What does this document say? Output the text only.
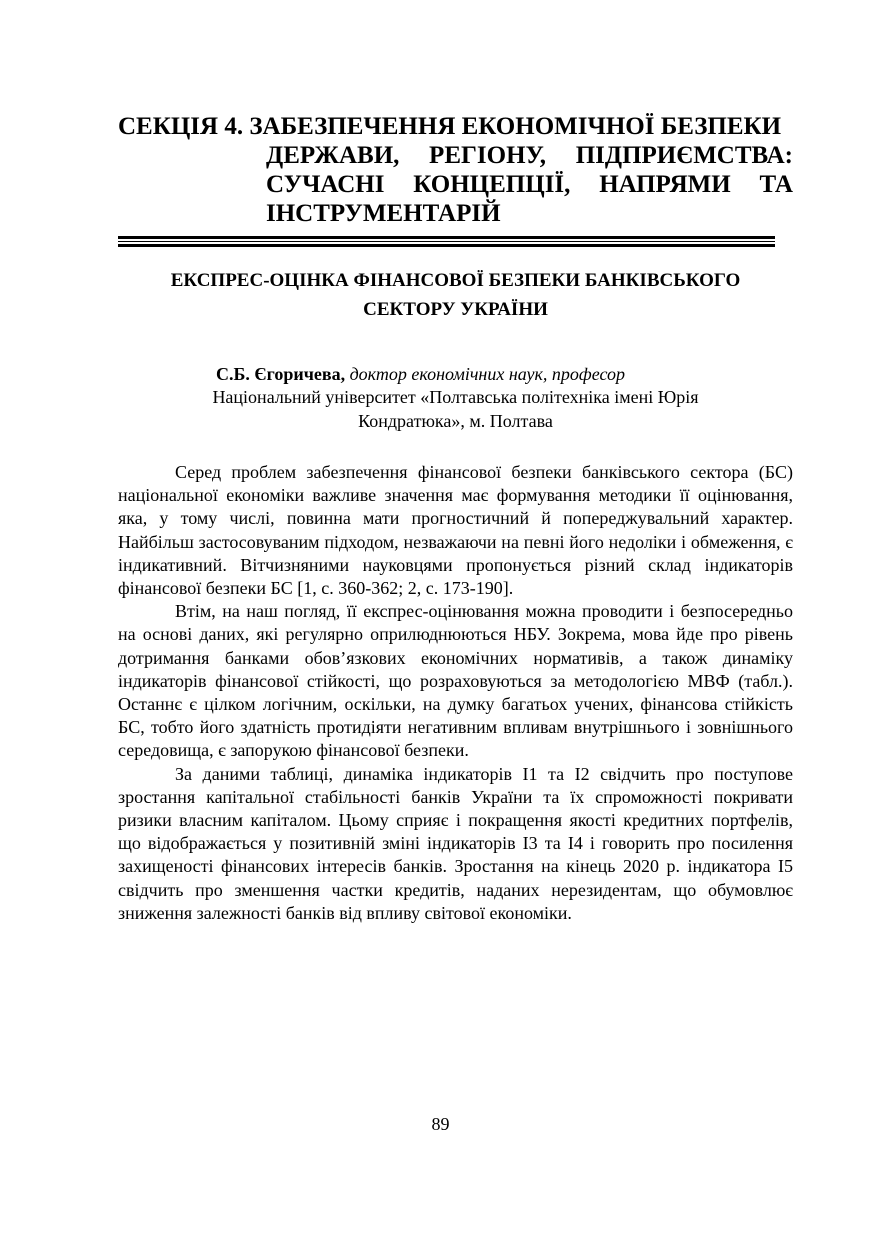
СЕКЦІЯ 4. ЗАБЕЗПЕЧЕННЯ ЕКОНОМІЧНОЇ БЕЗПЕКИ
ДЕРЖАВИ, РЕГІОНУ, ПІДПРИЄМСТВА:
СУЧАСНІ КОНЦЕПЦІЇ, НАПРЯМИ ТА
ІНСТРУМЕНТАРІЙ
ЕКСПРЕС-ОЦІНКА ФІНАНСОВОЇ БЕЗПЕКИ БАНКІВСЬКОГО
СЕКТОРУ УКРАЇНИ
С.Б. Єгоричева, доктор економічних наук, професор
Національний університет «Полтавська політехніка імені Юрія
Кондратюка», м. Полтава

Серед проблем забезпечення фінансової безпеки банківського сектора (БС) національної економіки важливе значення має формування методики її оцінювання, яка, у тому числі, повинна мати прогностичний й попереджувальний характер. Найбільш застосовуваним підходом, незважаючи на певні його недоліки і обмеження, є індикативний. Вітчизняними науковцями пропонується різний склад індикаторів фінансової безпеки БС [1, с. 360-362; 2, с. 173-190].

Втім, на наш погляд, її експрес-оцінювання можна проводити і безпосередньо на основі даних, які регулярно оприлюднюються НБУ. Зокрема, мова йде про рівень дотримання банками обов’язкових економічних нормативів, а також динаміку індикаторів фінансової стійкості, що розраховуються за методологією МВФ (табл.). Останнє є цілком логічним, оскільки, на думку багатьох учених, фінансова стійкість БС, тобто його здатність протидіяти негативним впливам внутрішнього і зовнішнього середовища, є запорукою фінансової безпеки.

За даними таблиці, динаміка індикаторів І1 та І2 свідчить про поступове зростання капітальної стабільності банків України та їх спроможності покривати ризики власним капіталом. Цьому сприяє і покращення якості кредитних портфелів, що відображається у позитивній зміні індикаторів І3 та І4 і говорить про посилення захищеності фінансових інтересів банків. Зростання на кінець 2020 р. індикатора І5 свідчить про зменшення частки кредитів, наданих нерезидентам, що обумовлює зниження залежності банків від впливу світової економіки.

89
